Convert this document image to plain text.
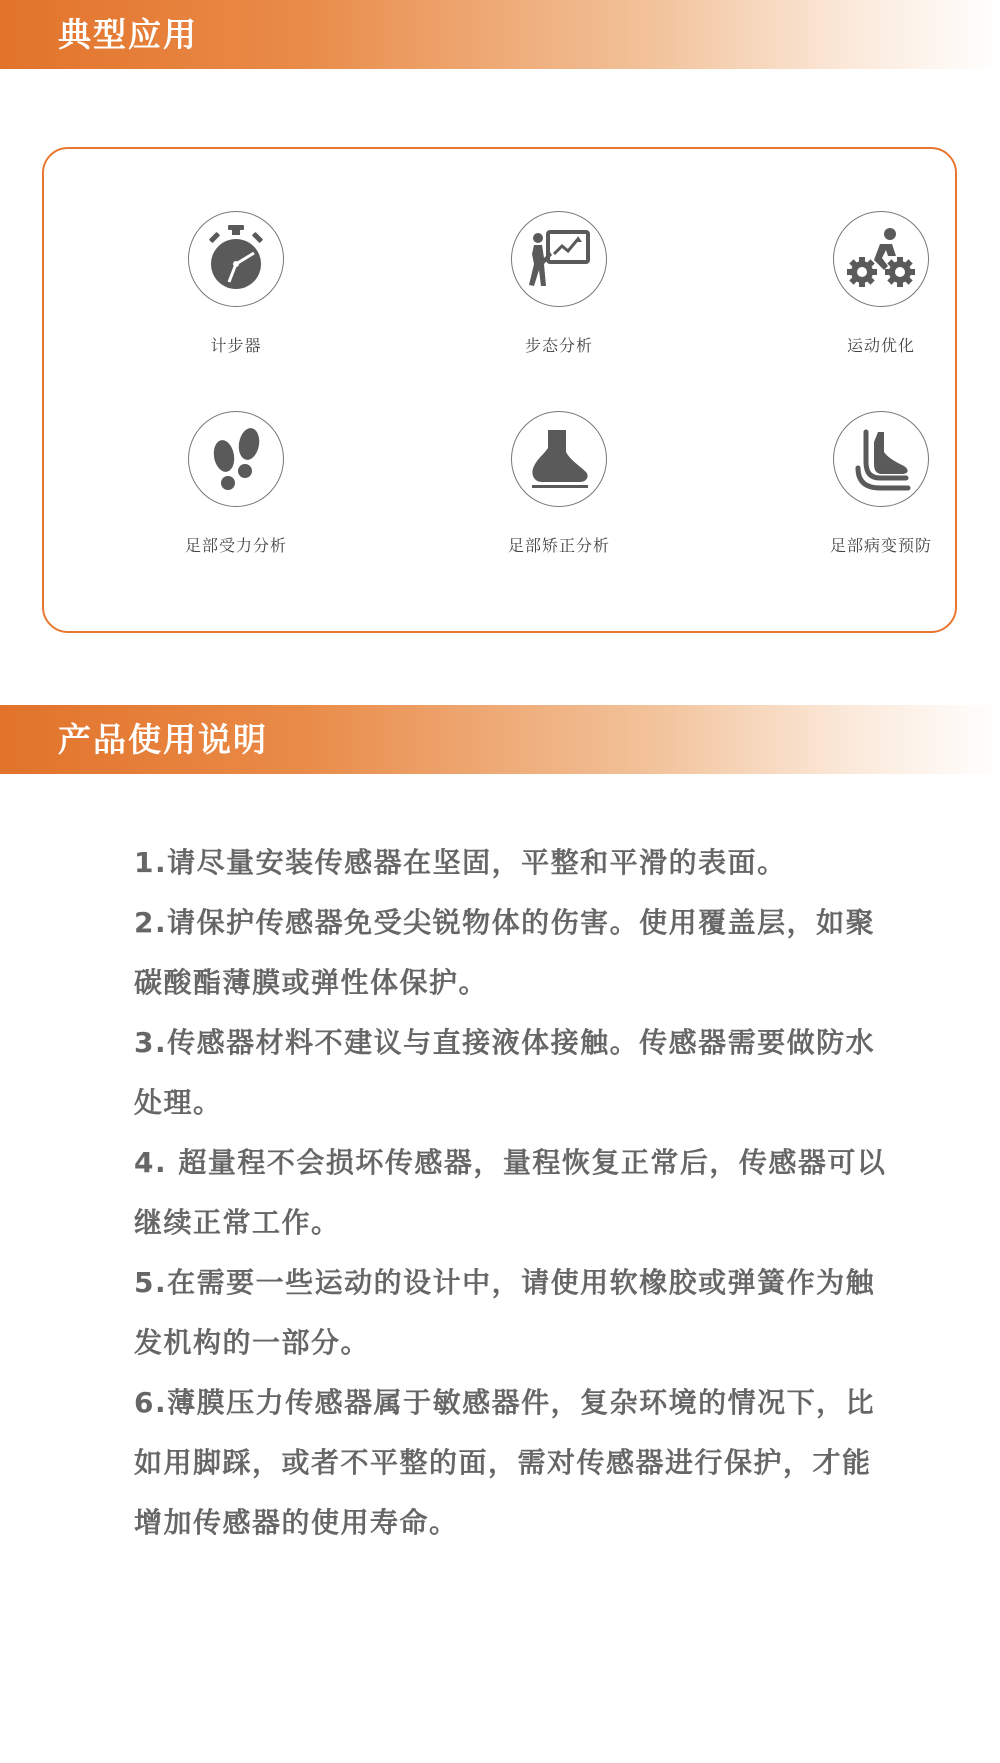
典型应用
计步器	步态分析	运动优化
足部受力分析	足部矫正分析	足部病变预防
产品使用说明
1.请尽量安装传感器在坚固，平整和平滑的表面。
2.请保护传感器免受尖锐物体的伤害。使用覆盖层，如聚碳酸酯薄膜或弹性体保护。
3.传感器材料不建议与直接液体接触。传感器需要做防水处理。
4. 超量程不会损坏传感器，量程恢复正常后，传感器可以继续正常工作。
5.在需要一些运动的设计中，请使用软橡胶或弹簧作为触发机构的一部分。
6.薄膜压力传感器属于敏感器件，复杂环境的情况下，比如用脚踩，或者不平整的面，需对传感器进行保护，才能增加传感器的使用寿命。
